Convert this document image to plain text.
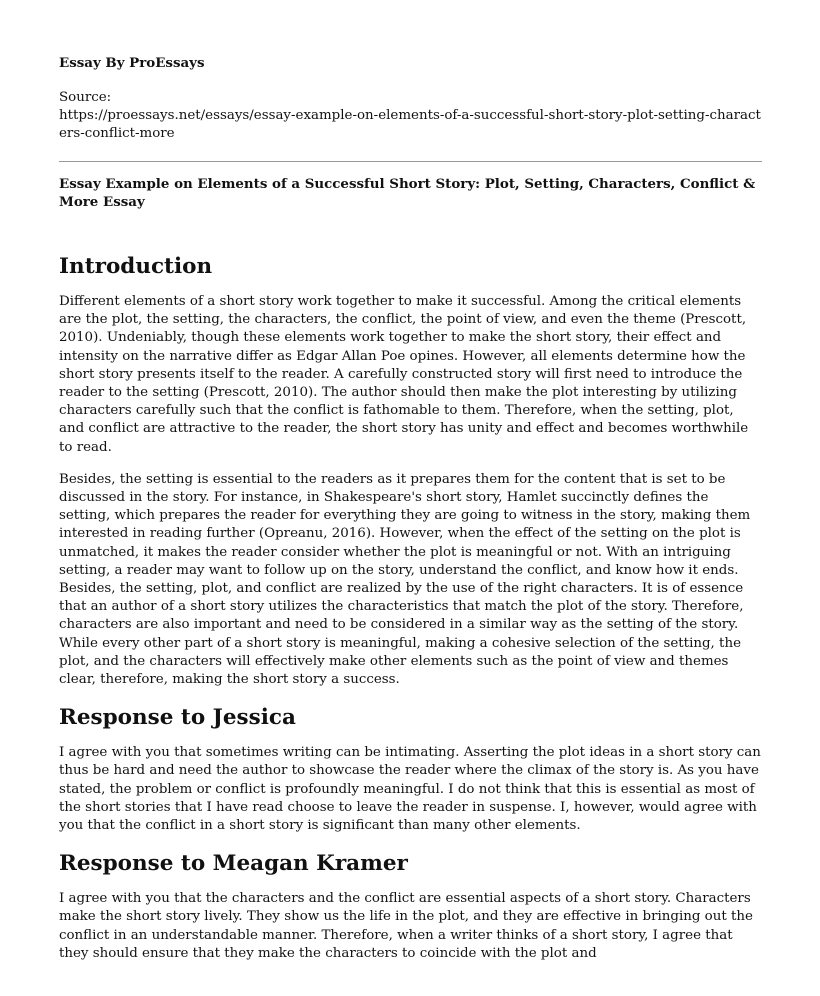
Essay By ProEssays

Source:
https://proessays.net/essays/essay-example-on-elements-of-a-successful-short-story-plot-setting-characters-conflict-more

Essay Example on Elements of a Successful Short Story: Plot, Setting, Characters, Conflict & More Essay

Introduction

Different elements of a short story work together to make it successful. Among the critical elements are the plot, the setting, the characters, the conflict, the point of view, and even the theme (Prescott, 2010). Undeniably, though these elements work together to make the short story, their effect and intensity on the narrative differ as Edgar Allan Poe opines. However, all elements determine how the short story presents itself to the reader. A carefully constructed story will first need to introduce the reader to the setting (Prescott, 2010). The author should then make the plot interesting by utilizing characters carefully such that the conflict is fathomable to them. Therefore, when the setting, plot, and conflict are attractive to the reader, the short story has unity and effect and becomes worthwhile to read.

Besides, the setting is essential to the readers as it prepares them for the content that is set to be discussed in the story. For instance, in Shakespeare's short story, Hamlet succinctly defines the setting, which prepares the reader for everything they are going to witness in the story, making them interested in reading further (Opreanu, 2016). However, when the effect of the setting on the plot is unmatched, it makes the reader consider whether the plot is meaningful or not. With an intriguing setting, a reader may want to follow up on the story, understand the conflict, and know how it ends. Besides, the setting, plot, and conflict are realized by the use of the right characters. It is of essence that an author of a short story utilizes the characteristics that match the plot of the story. Therefore, characters are also important and need to be considered in a similar way as the setting of the story. While every other part of a short story is meaningful, making a cohesive selection of the setting, the plot, and the characters will effectively make other elements such as the point of view and themes clear, therefore, making the short story a success.

Response to Jessica

I agree with you that sometimes writing can be intimating. Asserting the plot ideas in a short story can thus be hard and need the author to showcase the reader where the climax of the story is. As you have stated, the problem or conflict is profoundly meaningful. I do not think that this is essential as most of the short stories that I have read choose to leave the reader in suspense. I, however, would agree with you that the conflict in a short story is significant than many other elements.

Response to Meagan Kramer

I agree with you that the characters and the conflict are essential aspects of a short story. Characters make the short story lively. They show us the life in the plot, and they are effective in bringing out the conflict in an understandable manner. Therefore, when a writer thinks of a short story, I agree that they should ensure that they make the characters to coincide with the plot and
